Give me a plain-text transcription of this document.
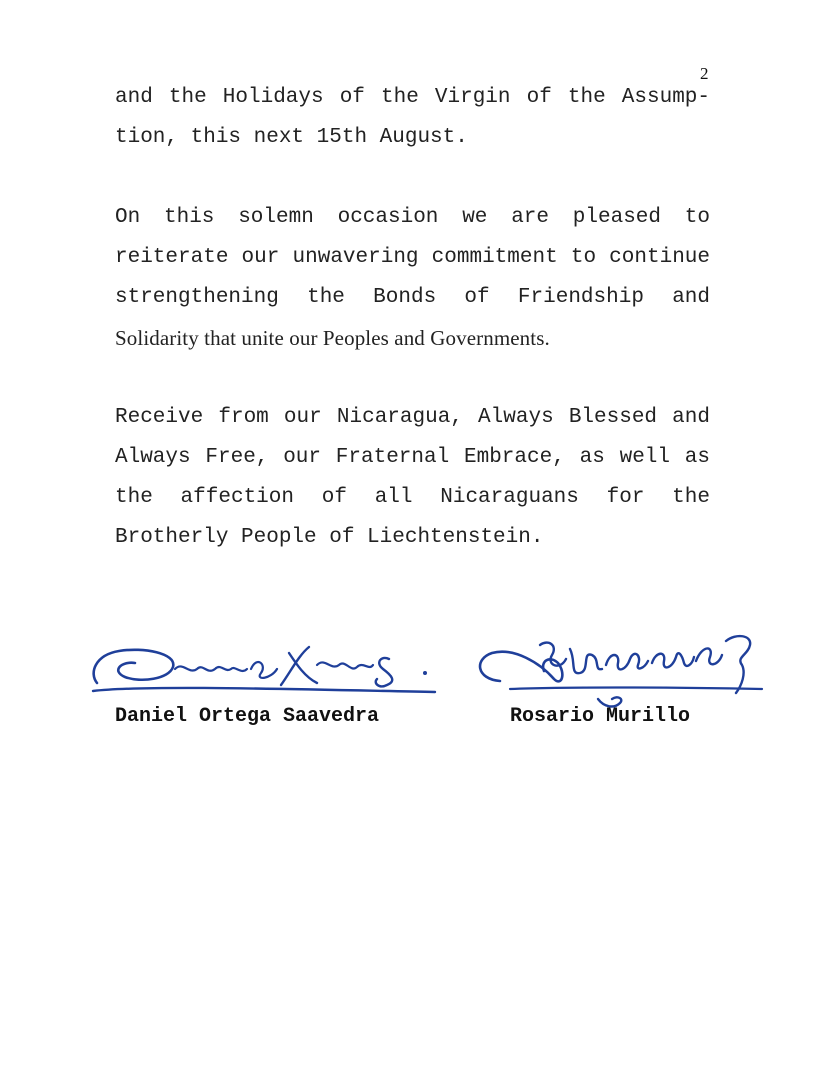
2
and the Holidays of the Virgin of the Assump-
tion, this next 15th August.
On this solemn occasion we are pleased to
reiterate our unwavering commitment to continue
strengthening the Bonds of Friendship and
Solidarity that unite our Peoples and Governments.
Receive from our Nicaragua, Always Blessed and
Always Free, our Fraternal Embrace, as well as
the affection of all Nicaraguans for the
Brotherly People of Liechtenstein.
Daniel Ortega Saavedra	Rosario Murillo
